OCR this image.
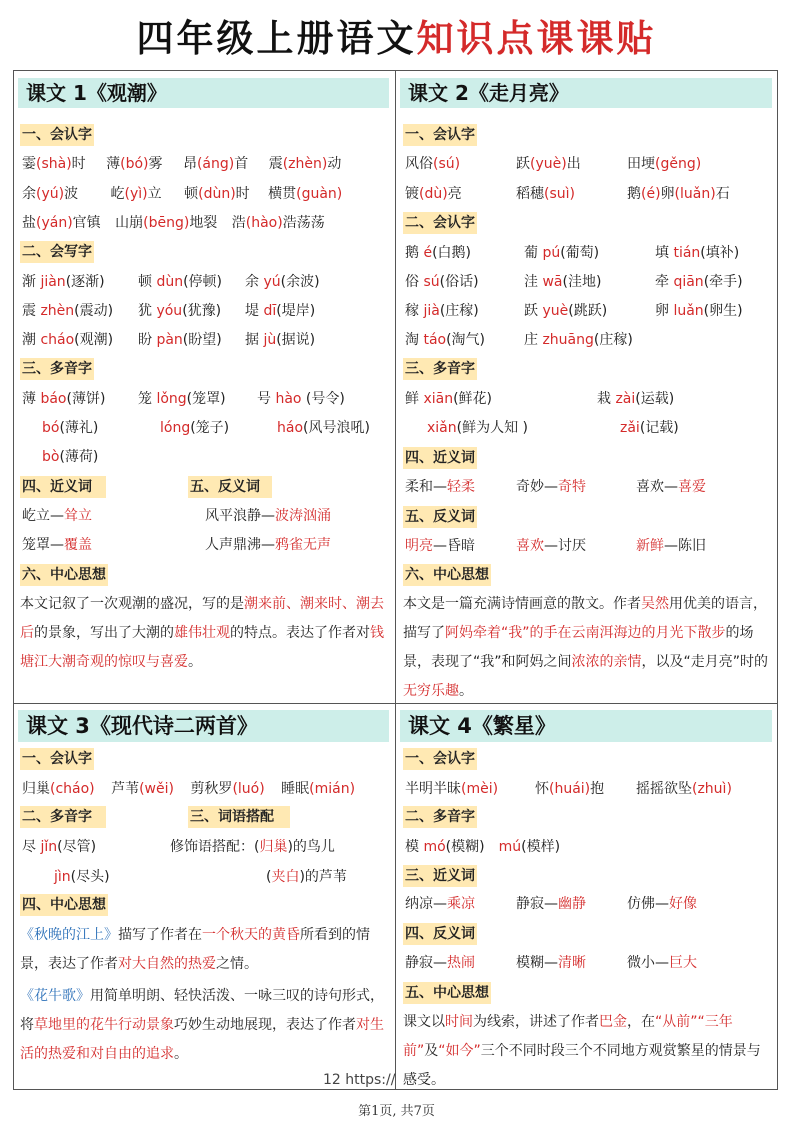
四年级上册语文知识点课课贴
课文 1《观潮》
一、会认字
霎(shà)时 薄(bó)雾 昂(áng)首 震(zhèn)动
余(yú)波 屹(yì)立 顿(dùn)时 横贯(guàn)
盐(yán)官镇 山崩(bēng)地裂 浩(hào)浩荡荡
二、会写字
渐 jiàn(逐渐) 顿 dùn(停顿) 余 yú(余波)
震 zhèn(震动) 犹 yóu(犹豫) 堤 dī(堤岸)
潮 cháo(观潮) 盼 pàn(盼望) 据 jù(据说)
三、多音字
薄 báo(薄饼) 笼 lǒng(笼罩) 号 hào (号令)
bó(薄礼)	lóng(笼子)	háo(风号浪吼)
bò(薄荷)
四、近义词	五、反义词
屹立—耸立	风平浪静—波涛汹涌
笼罩—覆盖	人声鼎沸—鸦雀无声
六、中心思想
本文记叙了一次观潮的盛况，写的是潮来前、潮来时、潮去后的景象，写出了大潮的雄伟壮观的特点。表达了作者对钱塘江大潮奇观的惊叹与喜爱。
课文 2《走月亮》
一、会认字
风俗(sú)	跃(yuè)出	田埂(gěng)
镀(dù)亮	稻穗(suì)	鹅(é)卵(luǎn)石
二、会认字
鹅 é(白鹅)	葡 pú(葡萄)	填 tián(填补)
俗 sú(俗话)	洼 wā(洼地)	牵 qiān(牵手)
稼 jià(庄稼)	跃 yuè(跳跃)	卵 luǎn(卵生)
淘 táo(淘气)	庄 zhuāng(庄稼)
三、多音字
鲜 xiān(鲜花)	栽 zài(运载)
xiǎn(鲜为人知 )	zǎi(记载)
四、近义词
柔和—轻柔	奇妙—奇特	喜欢—喜爱
五、反义词
明亮—昏暗	喜欢—讨厌	新鲜—陈旧
六、中心思想
本文是一篇充满诗情画意的散文。作者吴然用优美的语言，描写了阿妈牵着“我”的手在云南洱海边的月光下散步的场景，表现了“我”和阿妈之间浓浓的亲情，以及“走月亮”时的无穷乐趣。
课文 3《现代诗二两首》
一、会认字
归巢(cháo) 芦苇(wěi) 剪秋罗(luó) 睡眠(mián)
二、多音字	三、词语搭配
尽 jǐn(尽管)	修饰语搭配：(归巢)的鸟儿
jìn(尽头)	(夹白)的芦苇
四、中心思想
《秋晚的江上》描写了作者在一个秋天的黄昏所看到的情景，表达了作者对大自然的热爱之情。
《花牛歌》用简单明朗、轻快活泼、一咏三叹的诗句形式，将草地里的花牛行动景象巧妙生动地展现，表达了作者对生活的热爱和对自由的追求。
课文 4《繁星》
一、会认字
半明半昧(mèi)	怀(huái)抱 摇摇欲坠(zhuì)
二、多音字
模 mó(模糊) mú(模样)
三、近义词
纳凉—乘凉	静寂—幽静	仿佛—好像
四、反义词
静寂—热闹	模糊—清晰	微小—巨大
五、中心思想
课文以时间为线索，讲述了作者巴金，在“从前”“三年前”及“如今”三个不同时段三个不同地方观赏繁星的情景与感受。
12 https://
第1页, 共7页
